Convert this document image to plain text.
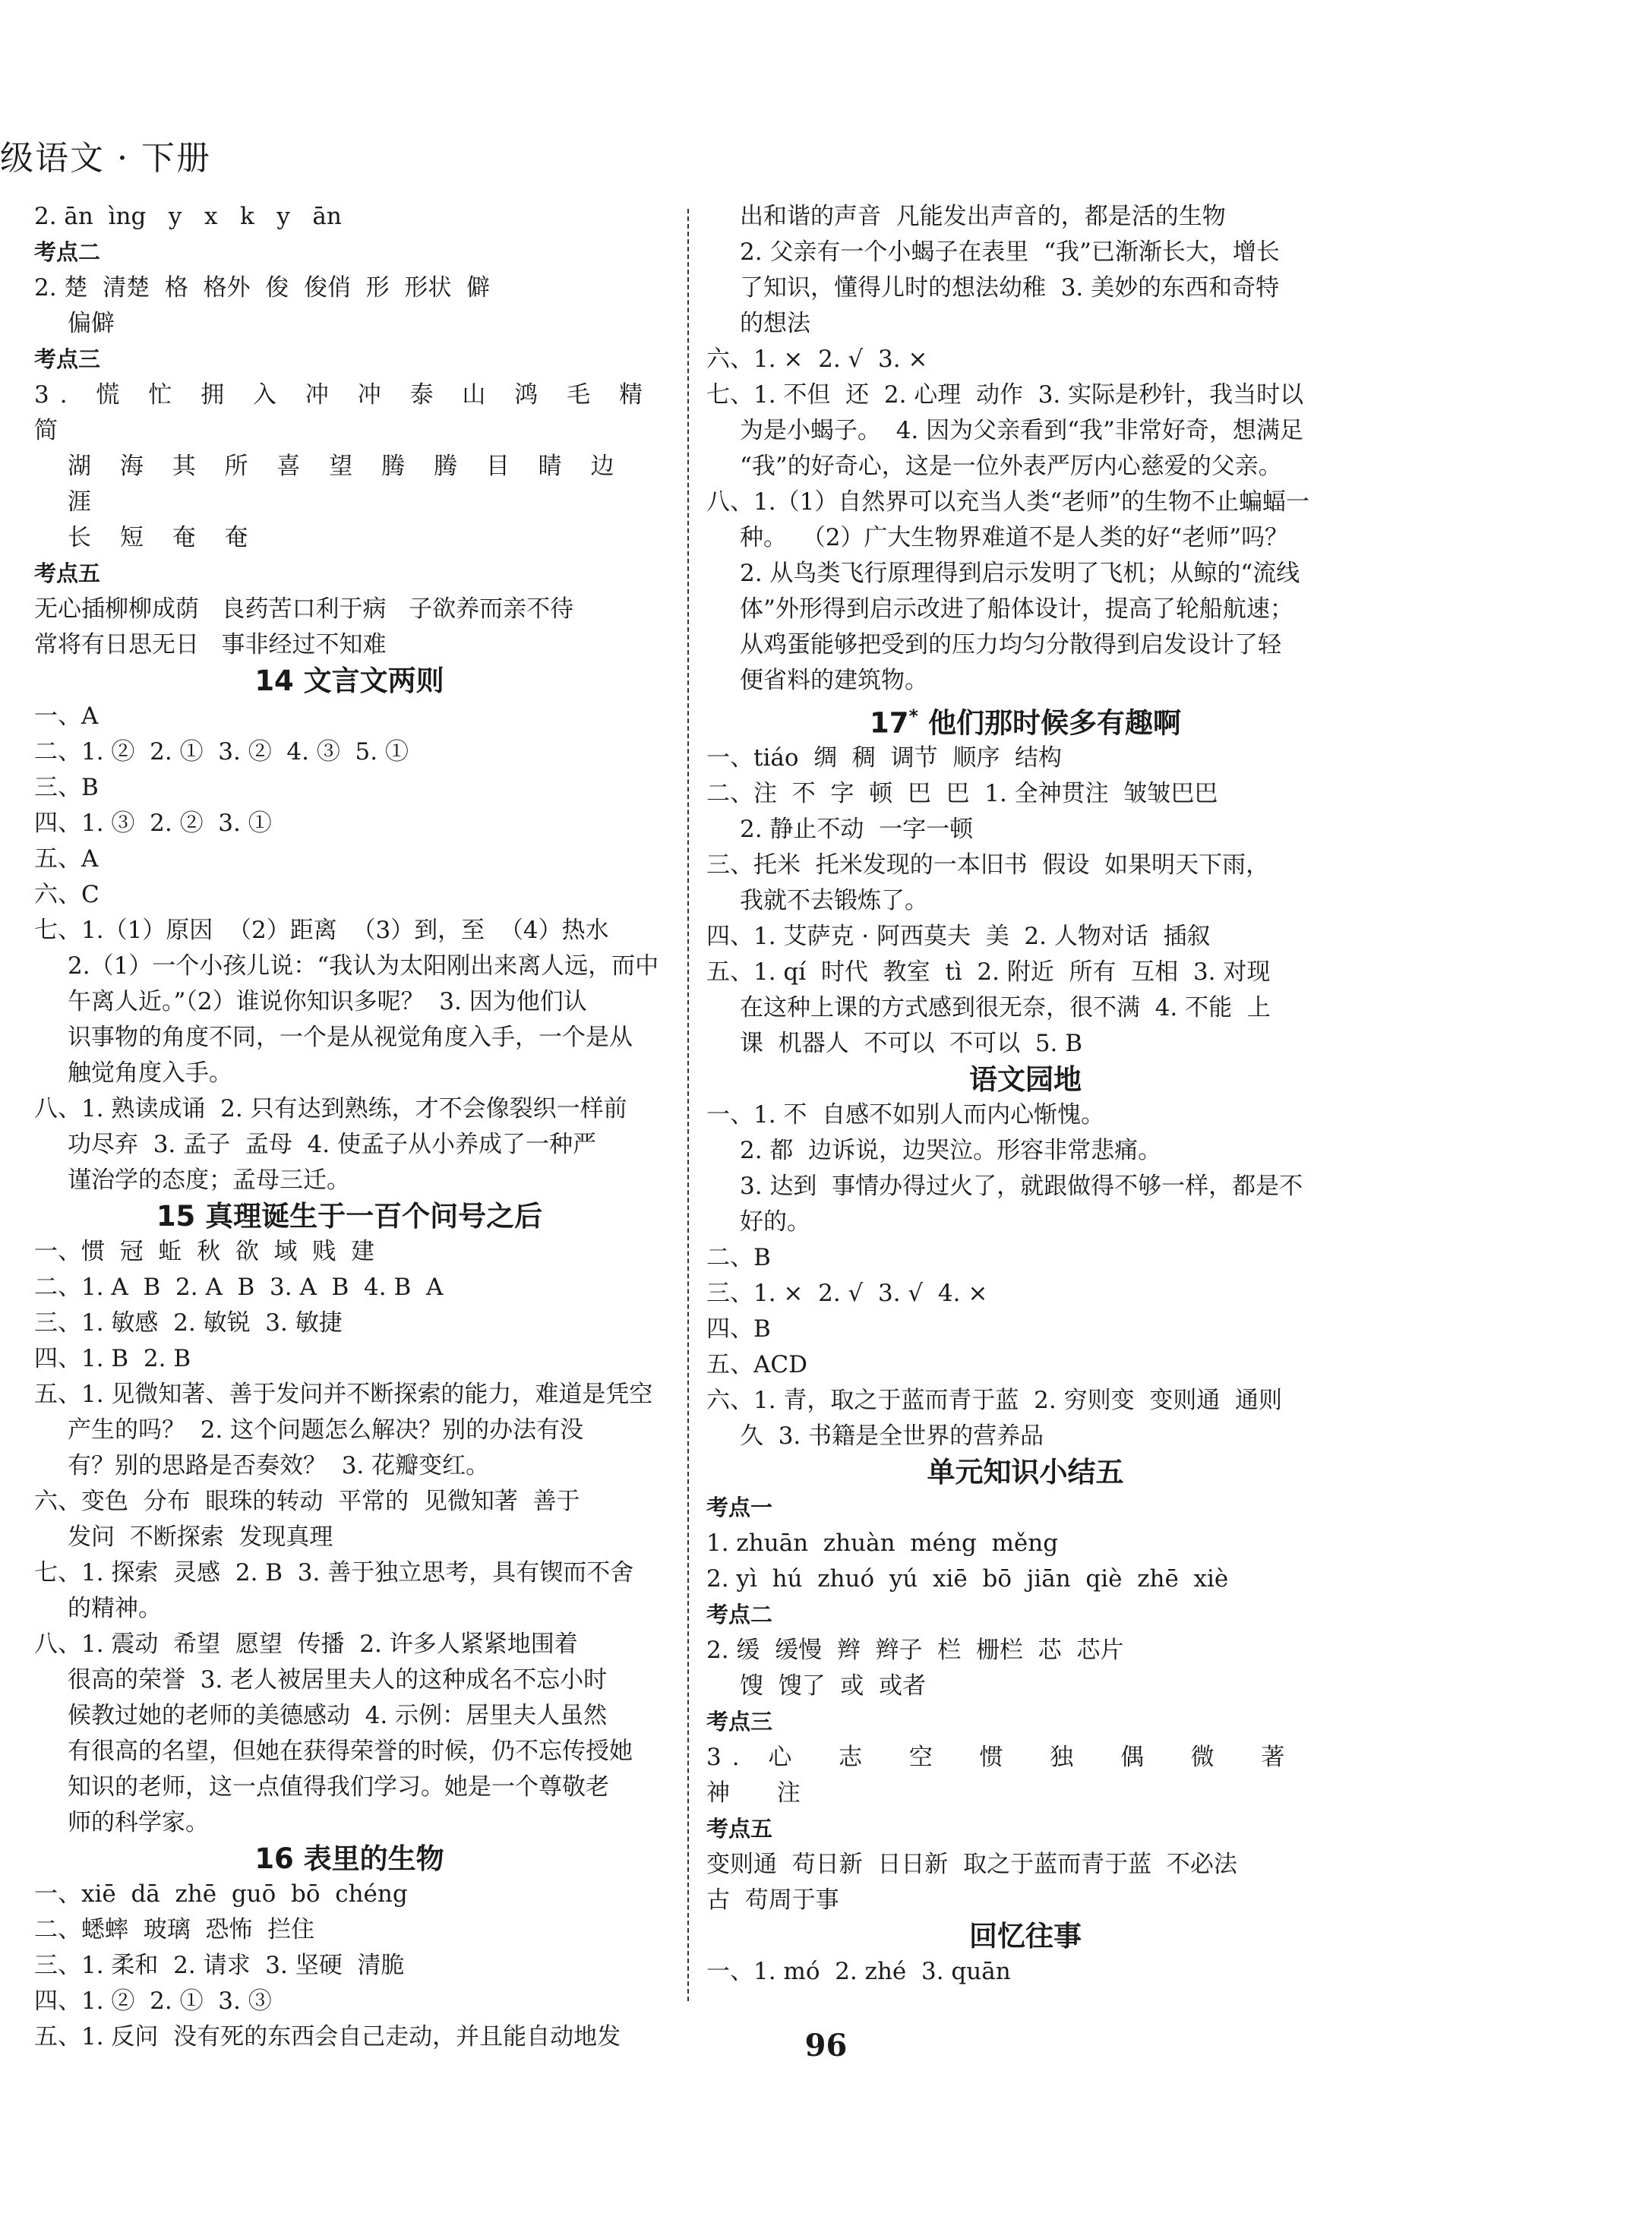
级语文 · 下册
2. ān  ìng   y   x   k   y   ān
考点二
2. 楚  清楚  格  格外  俊  俊俏  形  形状  僻
偏僻
考点三
3. 慌 忙 拥 入 冲 冲 泰 山 鸿 毛 精 简
湖 海 其 所 喜 望 腾 腾 目 睛 边 涯
长 短 奄 奄
考点五
无心插柳柳成荫   良药苦口利于病   子欲养而亲不待
常将有日思无日   事非经过不知难
14 文言文两则
一、A
二、1. ②  2. ①  3. ②  4. ③  5. ①
三、B
四、1. ③  2. ②  3. ①
五、A
六、C
七、1.（1）原因  （2）距离  （3）到，至  （4）热水
2.（1）一个小孩儿说：“我认为太阳刚出来离人远，而中
午离人近。”（2）谁说你知识多呢？  3. 因为他们认
识事物的角度不同，一个是从视觉角度入手，一个是从
触觉角度入手。
八、1. 熟读成诵  2. 只有达到熟练，才不会像裂织一样前
功尽弃  3. 孟子  孟母  4. 使孟子从小养成了一种严
谨治学的态度；孟母三迁。
15 真理诞生于一百个问号之后
一、惯  冠  蚯  秋  欲  域  贱  建
二、1. A  B  2. A  B  3. A  B  4. B  A
三、1. 敏感  2. 敏锐  3. 敏捷
四、1. B  2. B
五、1. 见微知著、善于发问并不断探索的能力，难道是凭空
产生的吗？  2. 这个问题怎么解决？别的办法有没
有？别的思路是否奏效？  3. 花瓣变红。
六、变色  分布  眼珠的转动  平常的  见微知著  善于
发问  不断探索  发现真理
七、1. 探索  灵感  2. B  3. 善于独立思考，具有锲而不舍
的精神。
八、1. 震动  希望  愿望  传播  2. 许多人紧紧地围着
很高的荣誉  3. 老人被居里夫人的这种成名不忘小时
候教过她的老师的美德感动  4. 示例：居里夫人虽然
有很高的名望，但她在获得荣誉的时候，仍不忘传授她
知识的老师，这一点值得我们学习。她是一个尊敬老
师的科学家。
16 表里的生物
一、xiē  dā  zhē  guō  bō  chéng
二、蟋蟀  玻璃  恐怖  拦住
三、1. 柔和  2. 请求  3. 坚硬  清脆
四、1. ②  2. ①  3. ③
五、1. 反问  没有死的东西会自己走动，并且能自动地发
出和谐的声音  凡能发出声音的，都是活的生物
2. 父亲有一个小蝎子在表里  “我”已渐渐长大，增长
了知识，懂得儿时的想法幼稚  3. 美妙的东西和奇特
的想法
六、1. ×  2. √  3. ×
七、1. 不但  还  2. 心理  动作  3. 实际是秒针，我当时以
为是小蝎子。  4. 因为父亲看到“我”非常好奇，想满足
“我”的好奇心，这是一位外表严厉内心慈爱的父亲。
八、1.（1）自然界可以充当人类“老师”的生物不止蝙蝠一
种。  （2）广大生物界难道不是人类的好“老师”吗？
2. 从鸟类飞行原理得到启示发明了飞机；从鲸的“流线
体”外形得到启示改进了船体设计，提高了轮船航速；
从鸡蛋能够把受到的压力均匀分散得到启发设计了轻
便省料的建筑物。
17* 他们那时候多有趣啊
一、tiáo  绸  稠  调节  顺序  结构
二、注  不  字  顿  巴  巴  1. 全神贯注  皱皱巴巴
2. 静止不动  一字一顿
三、托米  托米发现的一本旧书  假设  如果明天下雨，
我就不去锻炼了。
四、1. 艾萨克 · 阿西莫夫  美  2. 人物对话  插叙
五、1. qí  时代  教室  tì  2. 附近  所有  互相  3. 对现
在这种上课的方式感到很无奈，很不满  4. 不能  上
课  机器人  不可以  不可以  5. B
语文园地
一、1. 不  自感不如别人而内心惭愧。
2. 都  边诉说，边哭泣。形容非常悲痛。
3. 达到  事情办得过火了，就跟做得不够一样，都是不
好的。
二、B
三、1. ×  2. √  3. √  4. ×
四、B
五、ACD
六、1. 青，取之于蓝而青于蓝  2. 穷则变  变则通  通则
久  3. 书籍是全世界的营养品
单元知识小结五
考点一
1. zhuān  zhuàn  méng  měng
2. yì  hú  zhuó  yú  xiē  bō  jiān  qiè  zhē  xiè
考点二
2. 缓  缓慢  辫  辫子  栏  栅栏  芯  芯片
馊  馊了  或  或者
考点三
3. 心  志  空  惯  独  偶  微  著  神  注
考点五
变则通  苟日新  日日新  取之于蓝而青于蓝  不必法
古  苟周于事
回忆往事
一、1. mó  2. zhé  3. quān
96
